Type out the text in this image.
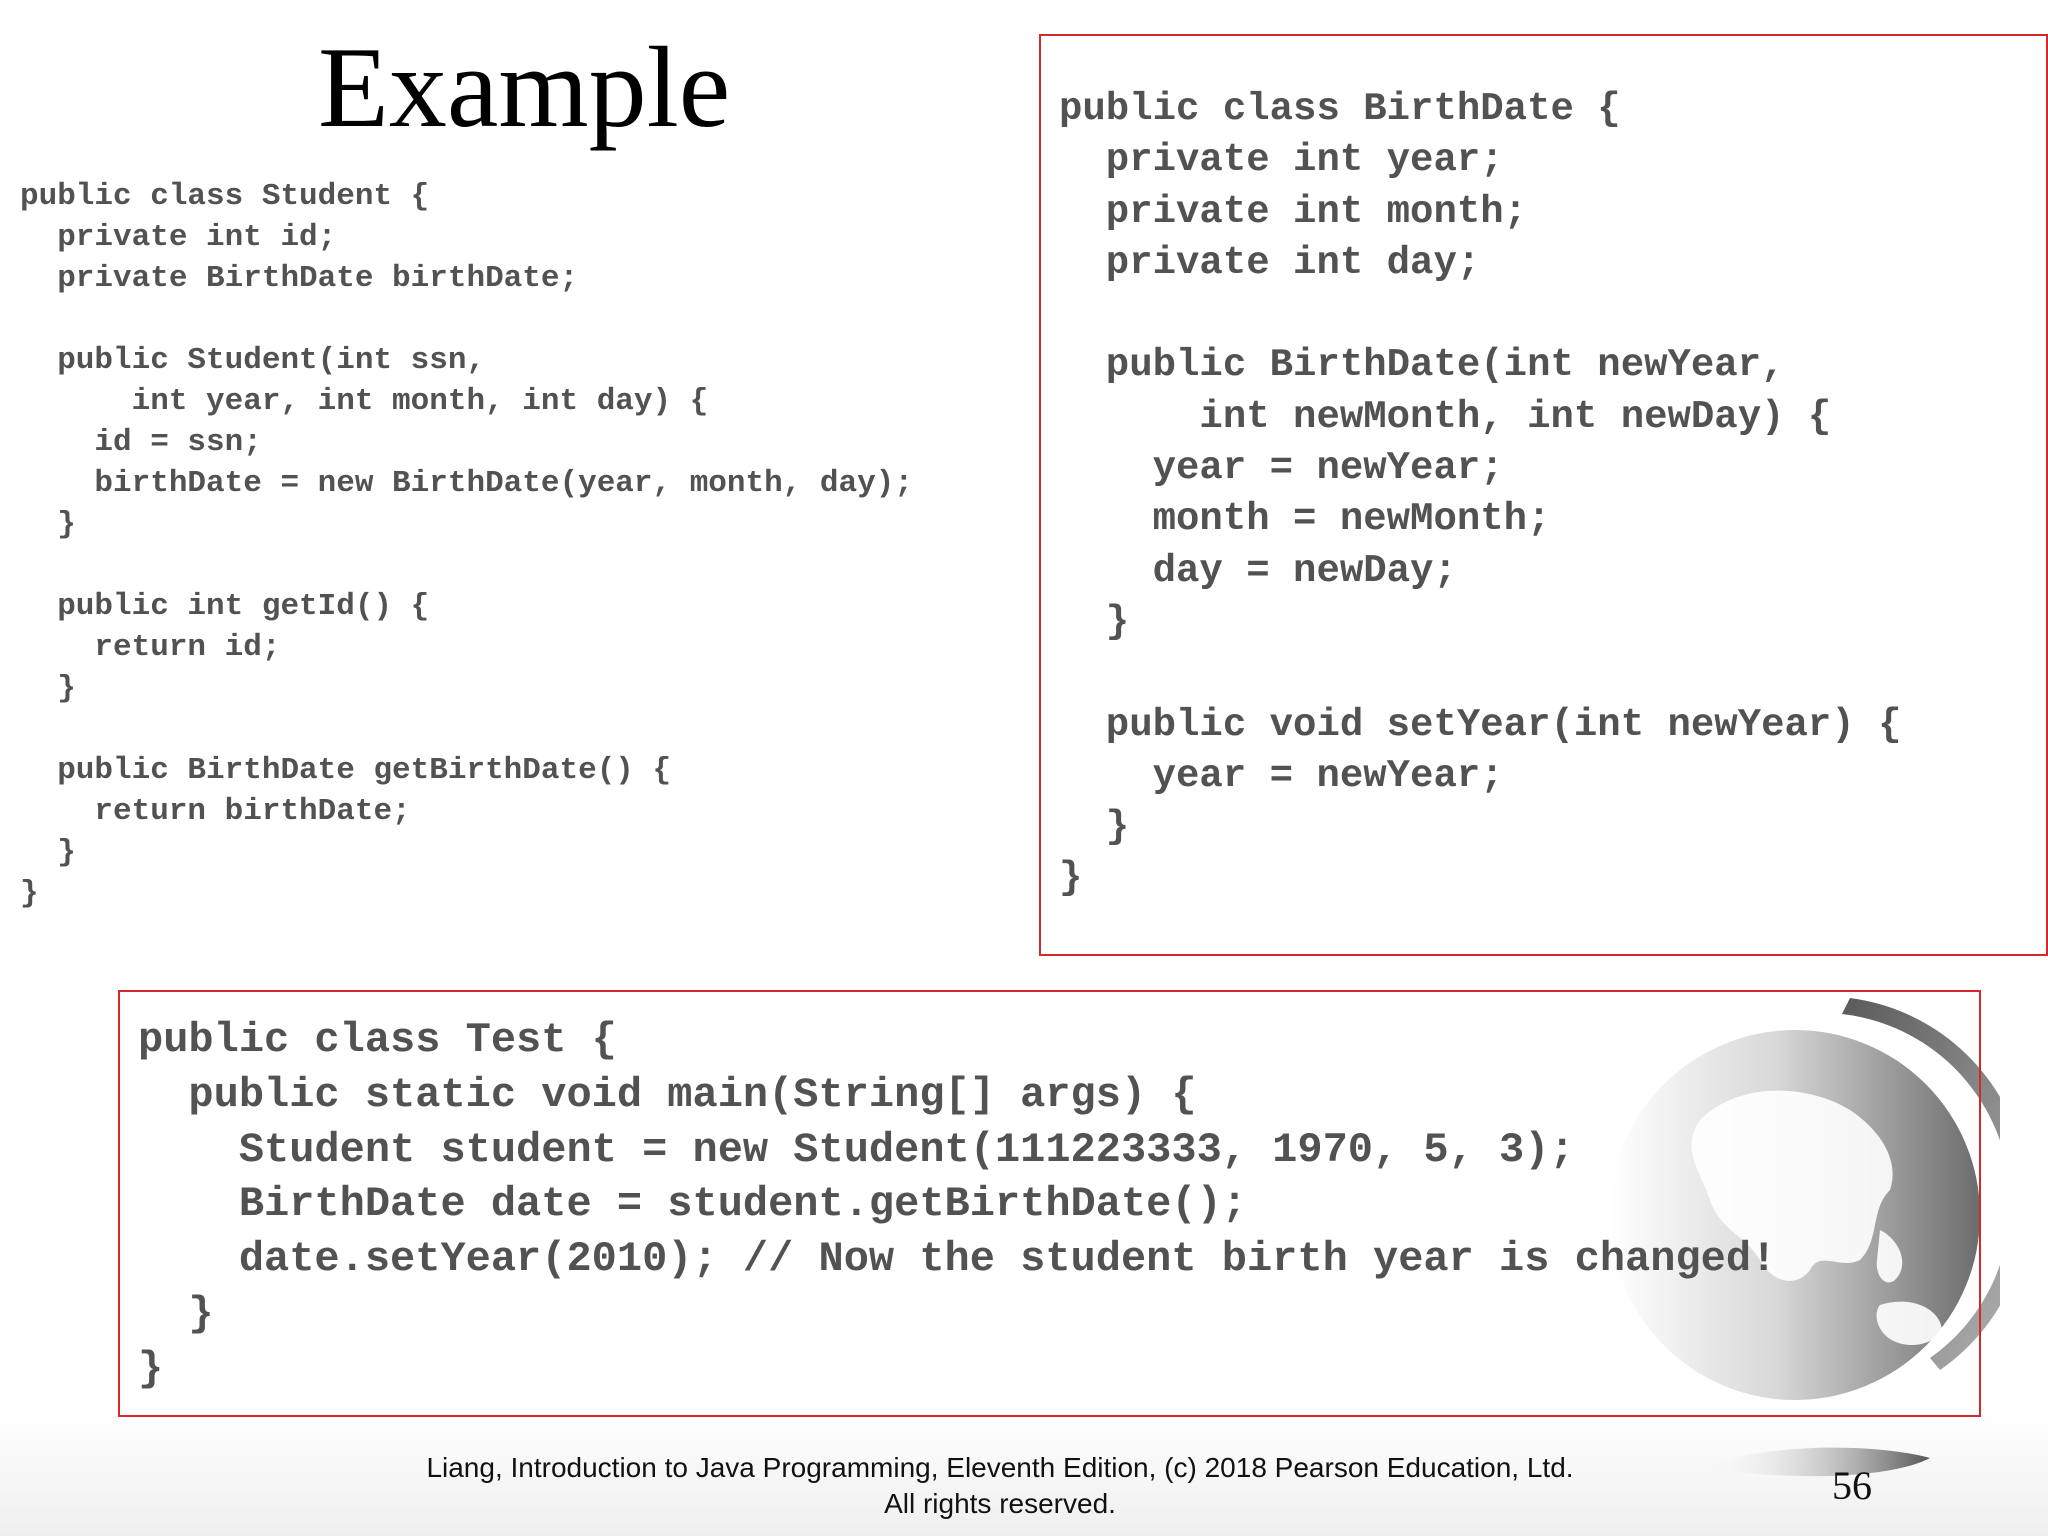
Example
public class Student {
private int id;
private BirthDate birthDate;

public Student(int ssn,
int year, int month, int day) {
id = ssn;
birthDate = new BirthDate(year, month, day);
}

public int getId() {
return id;
}

public BirthDate getBirthDate() {
return birthDate;
}
}
public class BirthDate {
private int year;
private int month;
private int day;

public BirthDate(int newYear,
int newMonth, int newDay) {
year = newYear;
month = newMonth;
day = newDay;
}

public void setYear(int newYear) {
year = newYear;
}
}
public class Test {
public static void main(String[] args) {
Student student = new Student(111223333, 1970, 5, 3);
BirthDate date = student.getBirthDate();
date.setYear(2010); // Now the student birth year is changed!
}
}
Liang, Introduction to Java Programming, Eleventh Edition, (c) 2018 Pearson Education, Ltd.
All rights reserved.	56
